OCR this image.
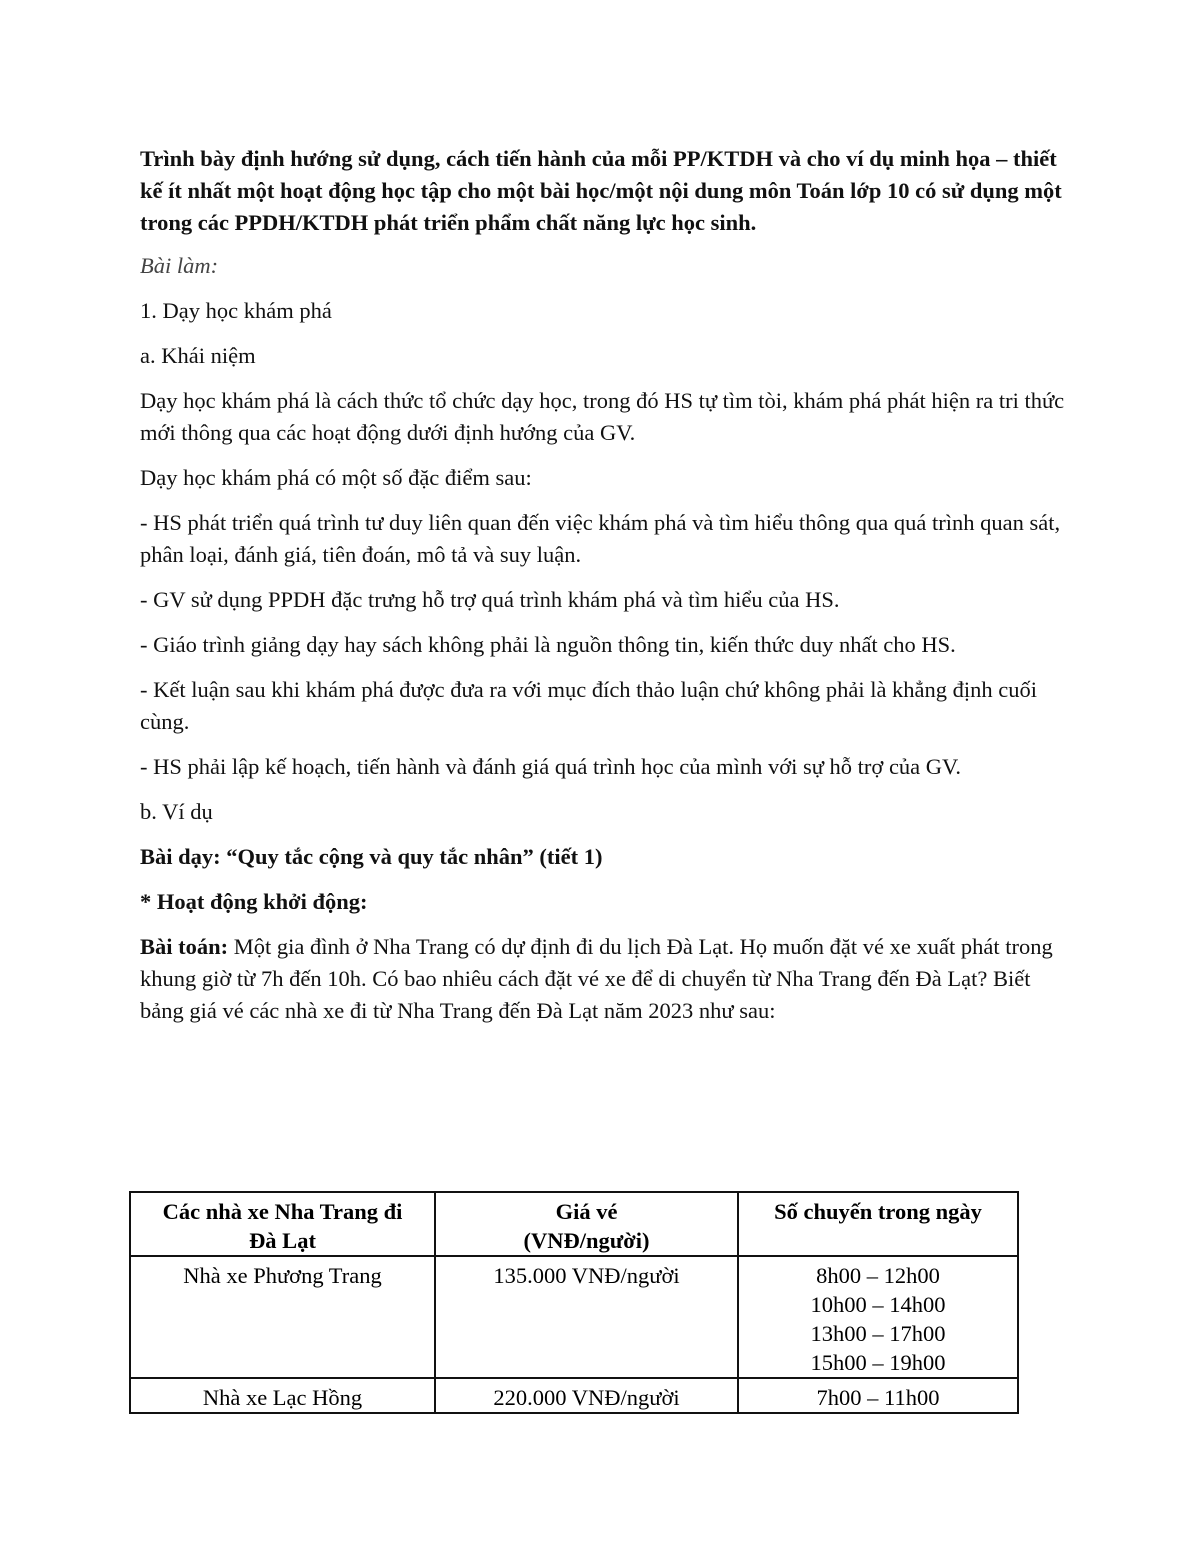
Trình bày định hướng sử dụng, cách tiến hành của mỗi PP/KTDH và cho ví dụ minh họa – thiết kế ít nhất một hoạt động học tập cho một bài học/một nội dung môn Toán lớp 10 có sử dụng một trong các PPDH/KTDH phát triển phẩm chất năng lực học sinh.

Bài làm:

1. Dạy học khám phá

a. Khái niệm

Dạy học khám phá là cách thức tổ chức dạy học, trong đó HS tự tìm tòi, khám phá phát hiện ra tri thức mới thông qua các hoạt động dưới định hướng của GV.

Dạy học khám phá có một số đặc điểm sau:

- HS phát triển quá trình tư duy liên quan đến việc khám phá và tìm hiểu thông qua quá trình quan sát, phân loại, đánh giá, tiên đoán, mô tả và suy luận.

- GV sử dụng PPDH đặc trưng hỗ trợ quá trình khám phá và tìm hiểu của HS.

- Giáo trình giảng dạy hay sách không phải là nguồn thông tin, kiến thức duy nhất cho HS.

- Kết luận sau khi khám phá được đưa ra với mục đích thảo luận chứ không phải là khẳng định cuối cùng.

- HS phải lập kế hoạch, tiến hành và đánh giá quá trình học của mình với sự hỗ trợ của GV.

b. Ví dụ

Bài dạy: “Quy tắc cộng và quy tắc nhân” (tiết 1)

* Hoạt động khởi động:

Bài toán: Một gia đình ở Nha Trang có dự định đi du lịch Đà Lạt. Họ muốn đặt vé xe xuất phát trong khung giờ từ 7h đến 10h. Có bao nhiêu cách đặt vé xe để di chuyển từ Nha Trang đến Đà Lạt? Biết bảng giá vé các nhà xe đi từ Nha Trang đến Đà Lạt năm 2023 như sau:

Các nhà xe Nha Trang đi
Đà Lạt	Giá vé
(VNĐ/người)	Số chuyến trong ngày
Nhà xe Phương Trang	135.000 VNĐ/người	8h00 – 12h00
10h00 – 14h00
13h00 – 17h00
15h00 – 19h00

Nhà xe Lạc Hồng	220.000 VNĐ/người	7h00 – 11h00
